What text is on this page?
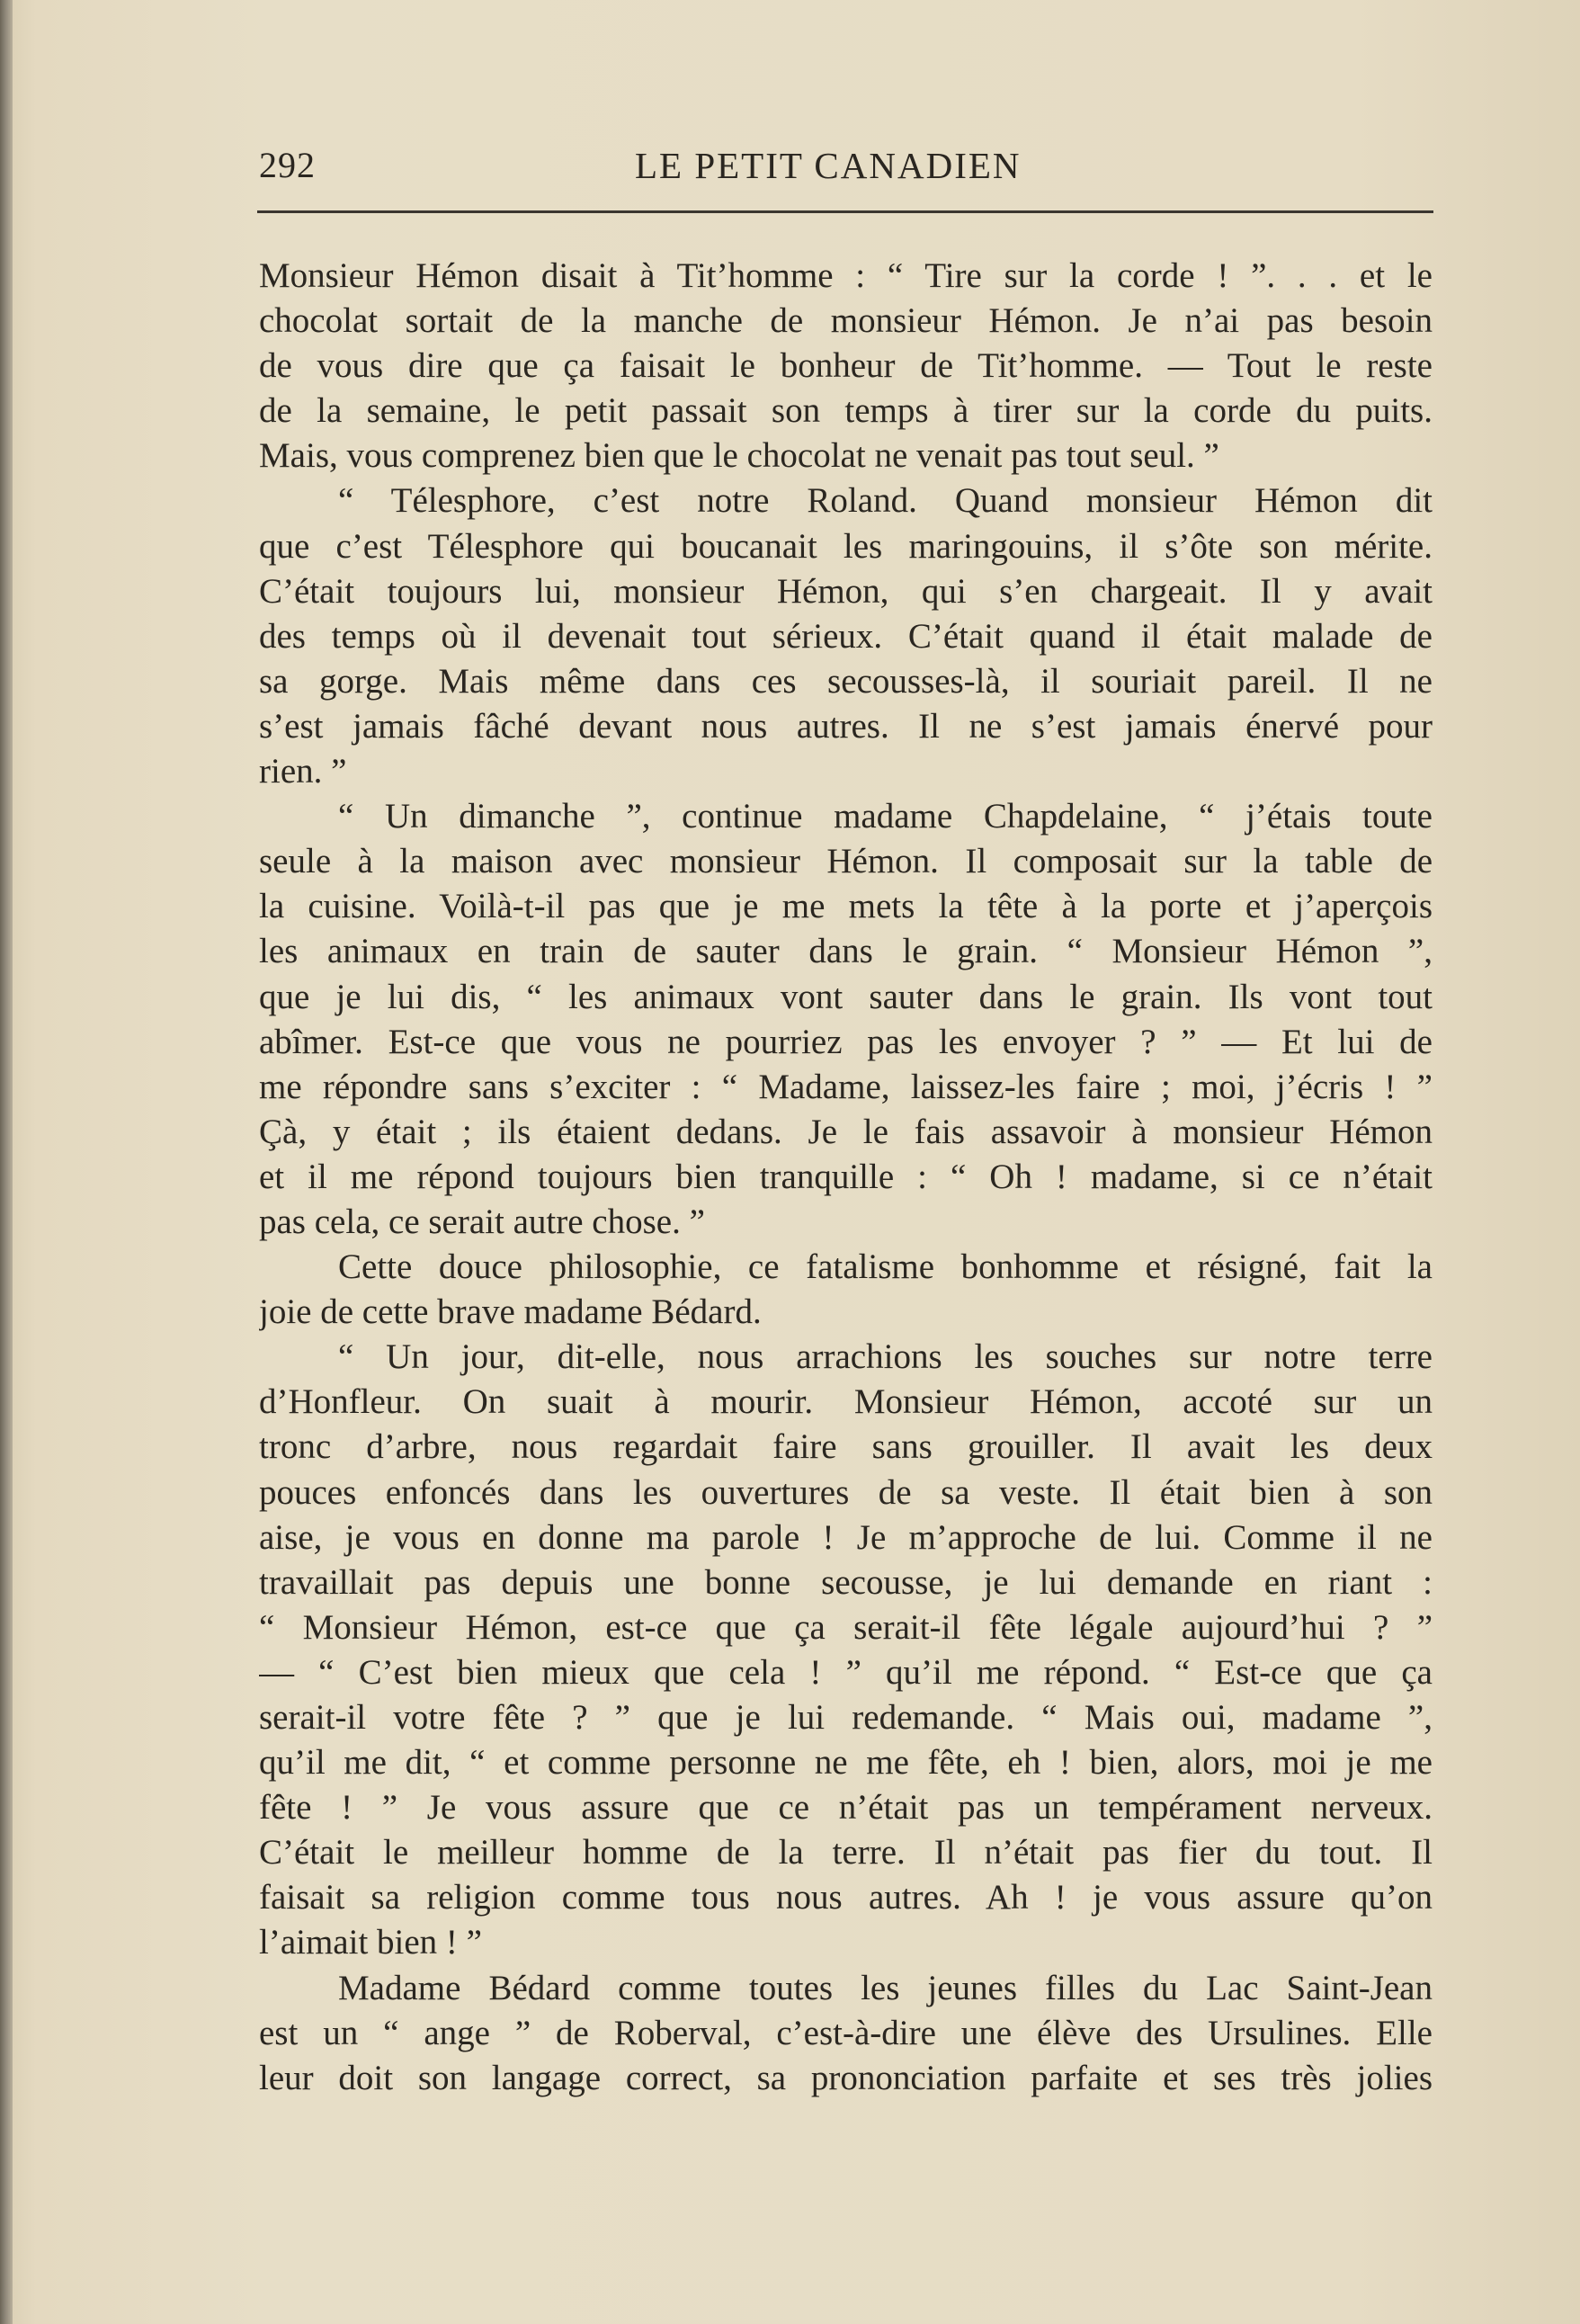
292	LE PETIT CANADIEN
Monsieur Hémon disait à Tit’homme : “ Tire sur la corde ! ”. . . et le
chocolat sortait de la manche de monsieur Hémon. Je n’ai pas besoin
de vous dire que ça faisait le bonheur de Tit’homme. — Tout le reste
de la semaine, le petit passait son temps à tirer sur la corde du puits.
Mais, vous comprenez bien que le chocolat ne venait pas tout seul. ”
“ Télesphore, c’est notre Roland. Quand monsieur Hémon dit
que c’est Télesphore qui boucanait les maringouins, il s’ôte son mérite.
C’était toujours lui, monsieur Hémon, qui s’en chargeait. Il y avait
des temps où il devenait tout sérieux. C’était quand il était malade de
sa gorge. Mais même dans ces secousses-là, il souriait pareil. Il ne
s’est jamais fâché devant nous autres. Il ne s’est jamais énervé pour
rien. ”
“ Un dimanche ”, continue madame Chapdelaine, “ j’étais toute
seule à la maison avec monsieur Hémon. Il composait sur la table de
la cuisine. Voilà-t-il pas que je me mets la tête à la porte et j’aperçois
les animaux en train de sauter dans le grain. “ Monsieur Hémon ”,
que je lui dis, “ les animaux vont sauter dans le grain. Ils vont tout
abîmer. Est-ce que vous ne pourriez pas les envoyer ? ” — Et lui de
me répondre sans s’exciter : “ Madame, laissez-les faire ; moi, j’écris ! ”
Çà, y était ; ils étaient dedans. Je le fais assavoir à monsieur Hémon
et il me répond toujours bien tranquille : “ Oh ! madame, si ce n’était
pas cela, ce serait autre chose. ”
Cette douce philosophie, ce fatalisme bonhomme et résigné, fait la
joie de cette brave madame Bédard.
“ Un jour, dit-elle, nous arrachions les souches sur notre terre
d’Honfleur. On suait à mourir. Monsieur Hémon, accoté sur un
tronc d’arbre, nous regardait faire sans grouiller. Il avait les deux
pouces enfoncés dans les ouvertures de sa veste. Il était bien à son
aise, je vous en donne ma parole ! Je m’approche de lui. Comme il ne
travaillait pas depuis une bonne secousse, je lui demande en riant :
“ Monsieur Hémon, est-ce que ça serait-il fête légale aujourd’hui ? ”
— “ C’est bien mieux que cela ! ” qu’il me répond. “ Est-ce que ça
serait-il votre fête ? ” que je lui redemande. “ Mais oui, madame ”,
qu’il me dit, “ et comme personne ne me fête, eh ! bien, alors, moi je me
fête ! ” Je vous assure que ce n’était pas un tempérament nerveux.
C’était le meilleur homme de la terre. Il n’était pas fier du tout. Il
faisait sa religion comme tous nous autres. Ah ! je vous assure qu’on
l’aimait bien ! ”
Madame Bédard comme toutes les jeunes filles du Lac Saint-Jean
est un “ ange ” de Roberval, c’est-à-dire une élève des Ursulines. Elle
leur doit son langage correct, sa prononciation parfaite et ses très jolies
